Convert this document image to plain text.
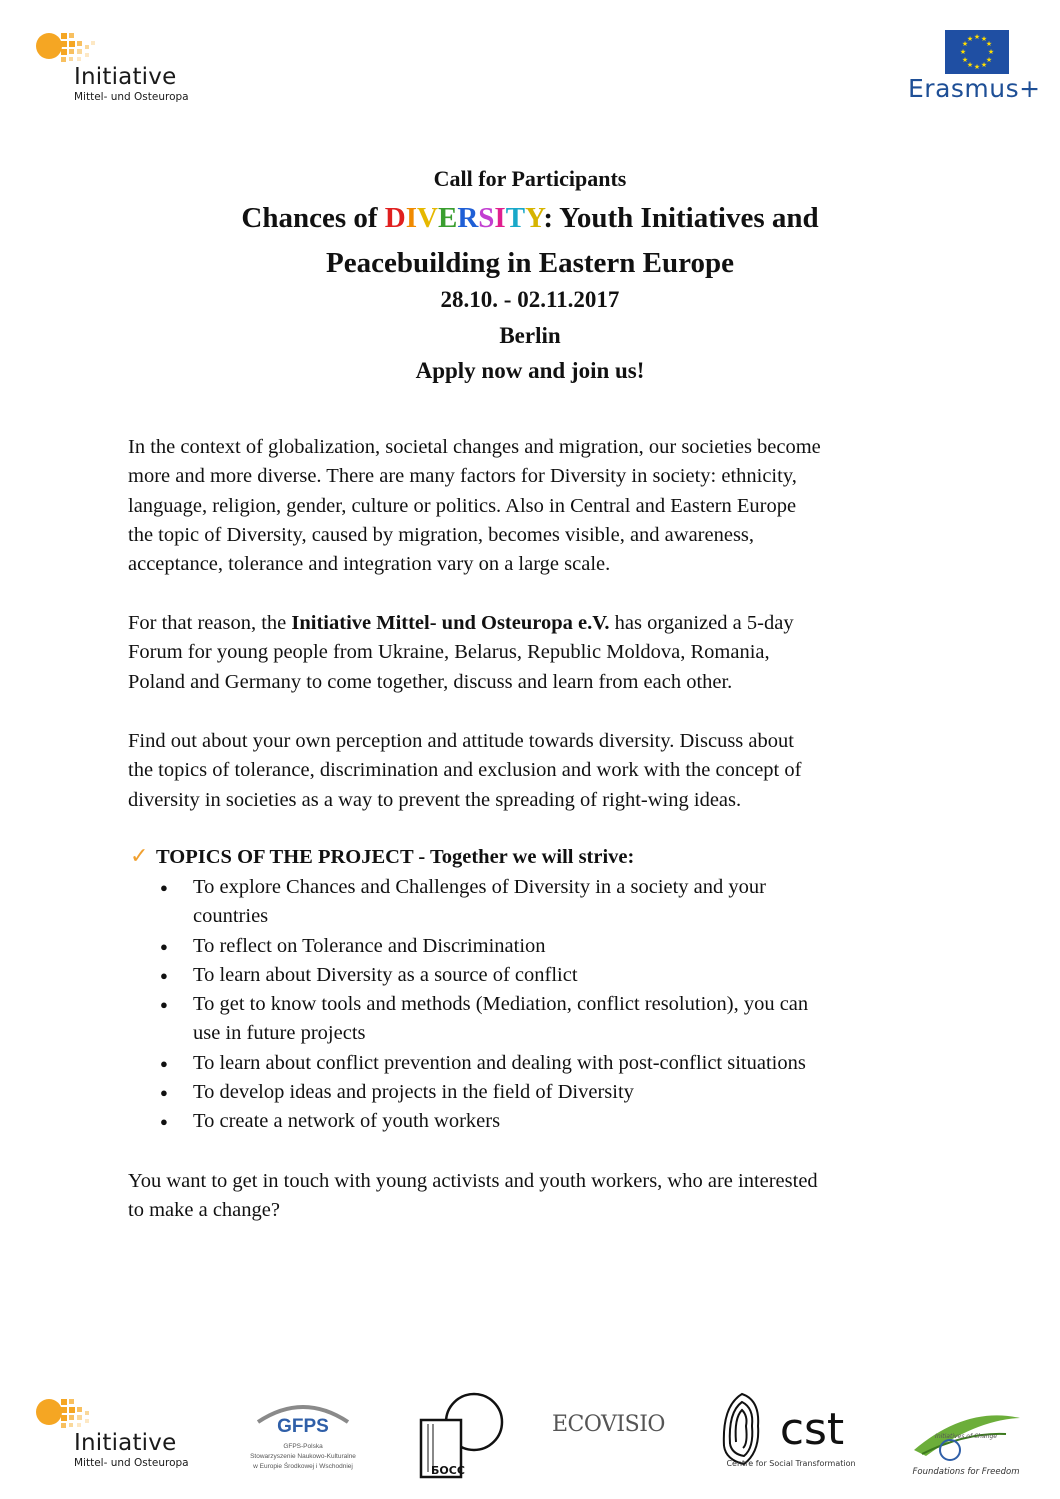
Initiative
Mittel- und Osteuropa
★ ★
★
★
★
★
★
★
★
★
★
★
Erasmus+
Call for Participants
Chances of DIVERSITY: Youth Initiatives and
Peacebuilding in Eastern Europe
28.10. - 02.11.2017
Berlin
Apply now and join us!
In the context of globalization, societal changes and migration, our societies become
more and more diverse. There are many factors for Diversity in society: ethnicity,
language, religion, gender, culture or politics. Also in Central and Eastern Europe
the topic of Diversity, caused by migration, becomes visible, and awareness,
acceptance, tolerance and integration vary on a large scale.
For that reason, the Initiative Mittel- und Osteuropa e.V. has organized a 5-day
Forum for young people from Ukraine, Belarus, Republic Moldova, Romania,
Poland and Germany to come together, discuss and learn from each other.
Find out about your own perception and attitude towards diversity. Discuss about
the topics of tolerance, discrimination and exclusion and work with the concept of
diversity in societies as a way to prevent the spreading of right-wing ideas.
✓ TOPICS OF THE PROJECT - Together we will strive:
● To explore Chances and Challenges of Diversity in a society and your
countries
● To reflect on Tolerance and Discrimination
● To learn about Diversity as a source of conflict
● To get to know tools and methods (Mediation, conflict resolution), you can
use in future projects
● To learn about conflict prevention and dealing with post-conflict situations
● To develop ideas and projects in the field of Diversity
● To create a network of youth workers
You want to get in touch with young activists and youth workers, who are interested
to make a change?
Initiative
Mittel- und Osteuropa
GFPS
GFPS-Polska
Stowarzyszenie Naukowo-Kulturalne
w Europie Środkowej i Wschodniej	БОСС
ECOVISIO	cst
Centre for Social Transformation
Initiatives of Change
Foundations for Freedom
